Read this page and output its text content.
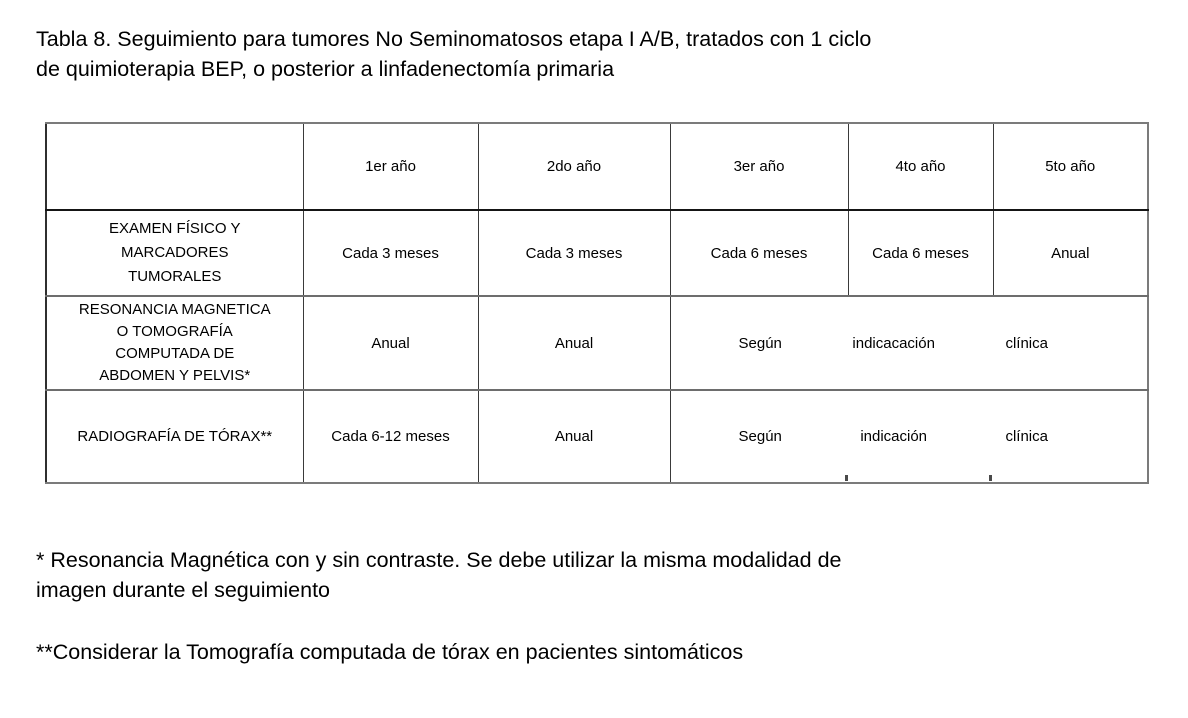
Tabla 8. Seguimiento para tumores No Seminomatosos etapa I A/B, tratados con 1 ciclo
de quimioterapia BEP, o posterior a linfadenectomía primaria
	1er año	2do año	3er año	4to año	5to año

EXAMEN FÍSICO Y
MARCADORES
TUMORALES	Cada 3 meses	Cada 3 meses	Cada 6 meses	Cada 6 meses	Anual

RESONANCIA MAGNETICA
O TOMOGRAFÍA
COMPUTADA DE
ABDOMEN Y PELVIS*
	Anual	Anual	Según	indicacación	clínica

RADIOGRAFÍA DE TÓRAX**	Cada 6-12 meses	Anual	Según indicación clínica		
* Resonancia Magnética con y sin contraste. Se debe utilizar la misma modalidad de
imagen durante el seguimiento
**Considerar la Tomografía computada de tórax en pacientes sintomáticos
